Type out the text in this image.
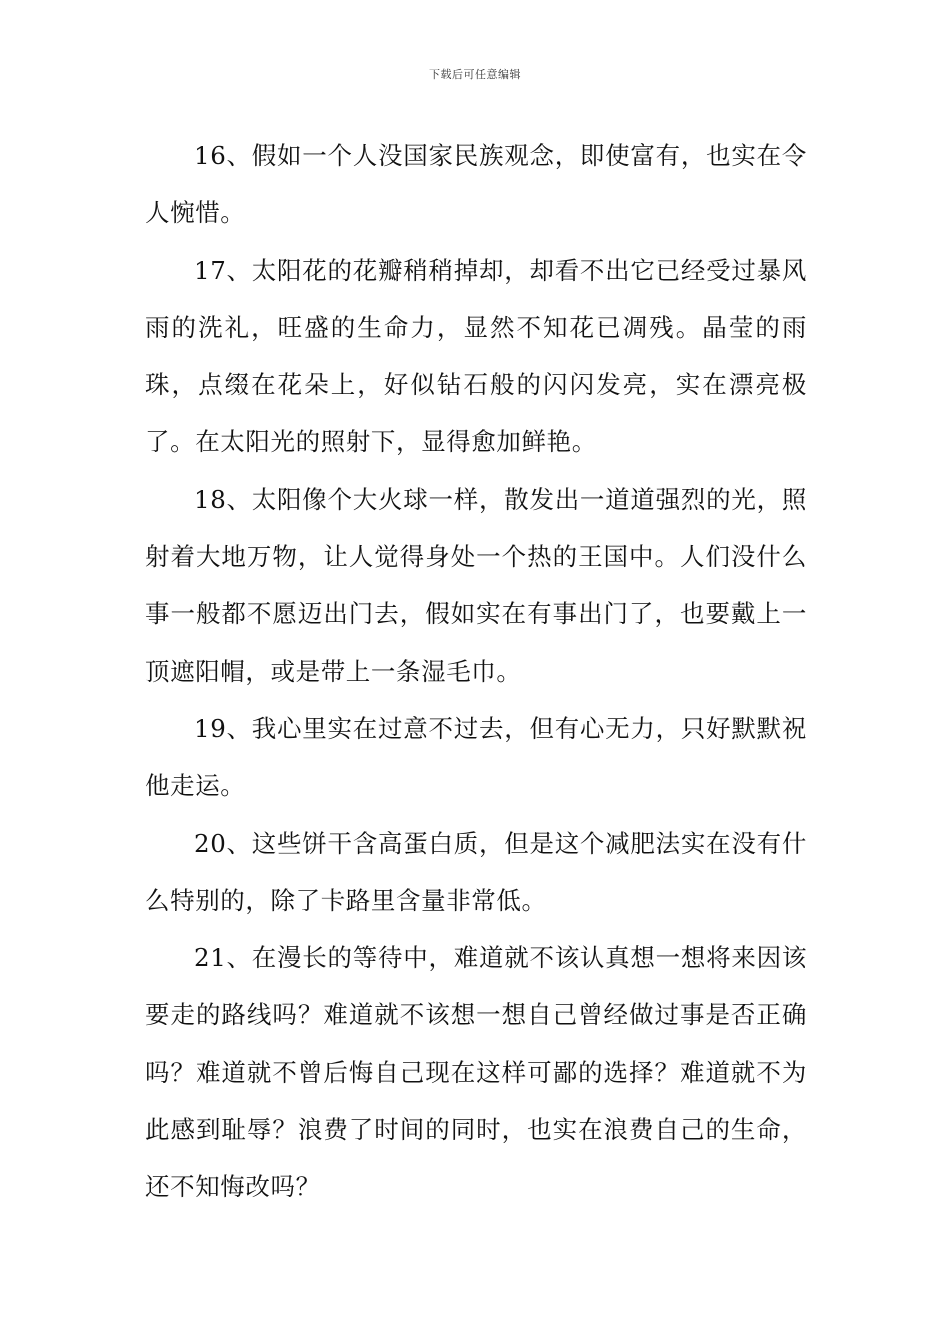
下载后可任意编辑

16、假如一个人没国家民族观念，即使富有，也实在令人惋惜。

17、太阳花的花瓣稍稍掉却，却看不出它已经受过暴风雨的洗礼，旺盛的生命力，显然不知花已凋残。晶莹的雨珠，点缀在花朵上，好似钻石般的闪闪发亮，实在漂亮极了。在太阳光的照射下，显得愈加鲜艳。

18、太阳像个大火球一样，散发出一道道强烈的光，照射着大地万物，让人觉得身处一个热的王国中。人们没什么事一般都不愿迈出门去，假如实在有事出门了，也要戴上一顶遮阳帽，或是带上一条湿毛巾。

19、我心里实在过意不过去，但有心无力，只好默默祝他走运。

20、这些饼干含高蛋白质，但是这个减肥法实在没有什么特别的，除了卡路里含量非常低。

21、在漫长的等待中，难道就不该认真想一想将来因该要走的路线吗？难道就不该想一想自己曾经做过事是否正确吗？难道就不曾后悔自己现在这样可鄙的选择？难道就不为此感到耻辱？浪费了时间的同时，也实在浪费自己的生命，还不知悔改吗？
